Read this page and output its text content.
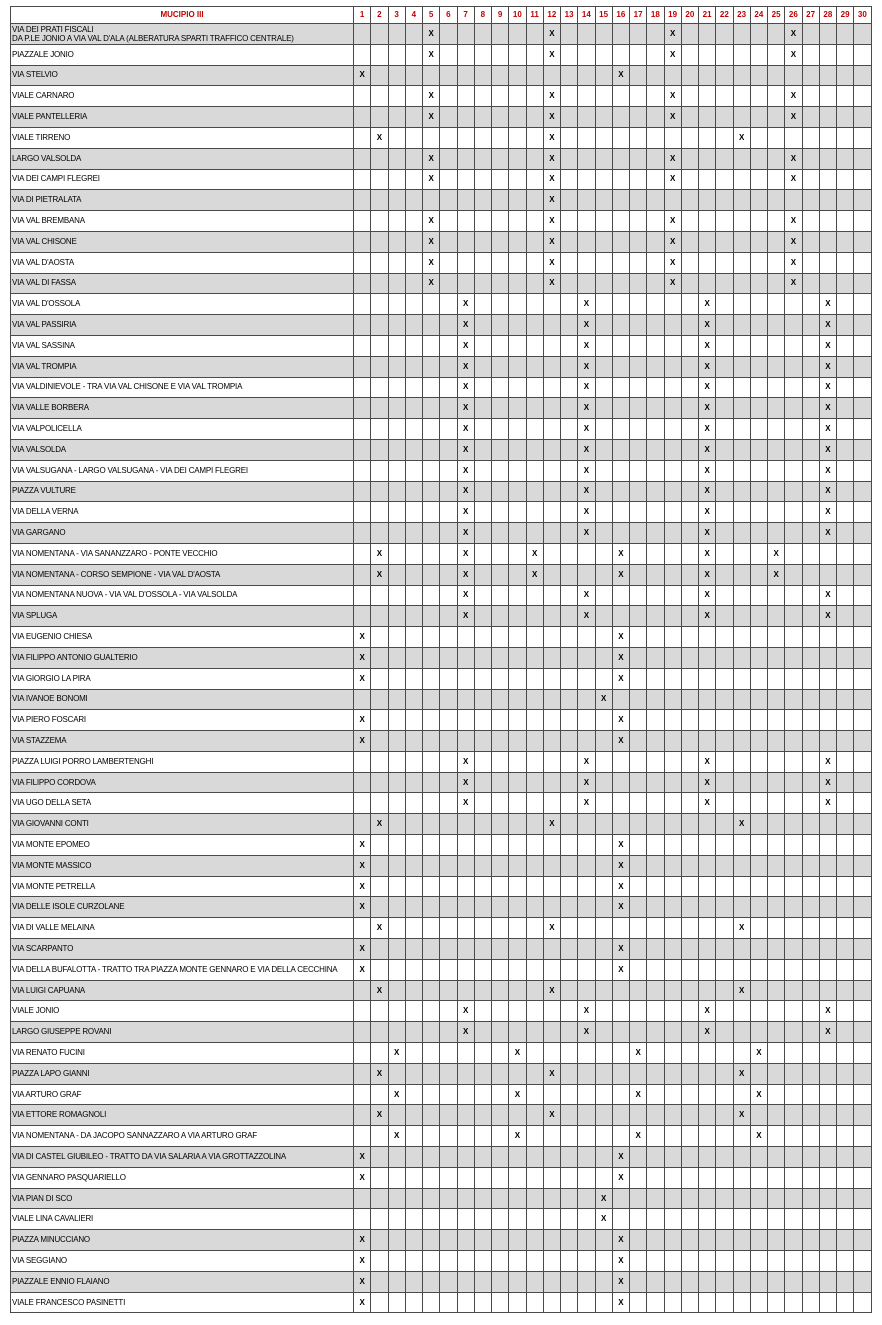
MUCIPIO III	1	2	3	4	5	6	7	8	9	10	11	12	13	14	15	16	17	18	19	20	21	22	23	24	25	26	27	28	29	30
VIA DEI PRATI FISCALI
DA P.LE JONIO A VIA VAL D'ALA (ALBERATURA SPARTI TRAFFICO CENTRALE)					X							X							X							X				
PIAZZALE JONIO					X							X							X							X				
VIA STELVIO	X															X														
VIALE CARNARO					X							X							X							X				
VIALE PANTELLERIA					X							X							X							X				
VIALE TIRRENO		X										X											X							
LARGO VALSOLDA					X							X							X							X				
VIA DEI CAMPI FLEGREI					X							X							X							X				
VIA DI PIETRALATA												X																		
VIA VAL BREMBANA					X							X							X							X				
VIA VAL CHISONE					X							X							X							X				
VIA VAL D'AOSTA					X							X							X							X				
VIA VAL DI FASSA					X							X							X							X				
VIA VAL D'OSSOLA							X							X							X							X		
VIA VAL PASSIRIA							X							X							X							X		
VIA VAL SASSINA							X							X							X							X		
VIA VAL TROMPIA							X							X							X							X		
VIA VALDINIEVOLE - TRA VIA VAL CHISONE E VIA VAL TROMPIA							X							X							X							X		
VIA VALLE BORBERA							X							X							X							X		
VIA VALPOLICELLA							X							X							X							X		
VIA VALSOLDA							X							X							X							X		
VIA VALSUGANA - LARGO VALSUGANA - VIA DEI CAMPI FLEGREI							X							X							X							X		
PIAZZA VULTURE							X							X							X							X		
VIA DELLA VERNA							X							X							X							X		
VIA GARGANO							X							X							X							X		
VIA NOMENTANA - VIA SANANZZARO - PONTE VECCHIO		X					X				X					X					X				X					
VIA NOMENTANA - CORSO SEMPIONE - VIA VAL D'AOSTA		X					X				X					X					X				X					
VIA NOMENTANA NUOVA - VIA VAL D'OSSOLA - VIA VALSOLDA							X							X							X							X		
VIA SPLUGA							X							X							X							X		
VIA EUGENIO CHIESA	X															X														
VIA FILIPPO ANTONIO GUALTERIO	X															X														
VIA GIORGIO LA PIRA	X															X														
VIA IVANOE BONOMI															X															
VIA PIERO FOSCARI	X															X														
VIA STAZZEMA	X															X														
PIAZZA LUIGI PORRO LAMBERTENGHI							X							X							X							X		
VIA FILIPPO CORDOVA							X							X							X							X		
VIA UGO DELLA SETA							X							X							X							X		
VIA GIOVANNI CONTI		X										X											X							
VIA MONTE EPOMEO	X															X														
VIA MONTE MASSICO	X															X														
VIA MONTE PETRELLA	X															X														
VIA DELLE ISOLE CURZOLANE	X															X														
VIA DI VALLE MELAINA		X										X											X							
VIA SCARPANTO	X															X														
VIA DELLA BUFALOTTA - TRATTO TRA PIAZZA MONTE GENNARO E VIA DELLA CECCHINA	X															X														
VIA LUIGI CAPUANA		X										X											X							
VIALE JONIO							X							X							X							X		
LARGO GIUSEPPE ROVANI							X							X							X							X		
VIA RENATO FUCINI			X							X							X							X						
PIAZZA LAPO GIANNI		X										X											X							
VIA ARTURO GRAF			X							X							X							X						
VIA ETTORE ROMAGNOLI		X										X											X							
VIA NOMENTANA - DA JACOPO SANNAZZARO A VIA ARTURO GRAF			X							X							X							X						
VIA DI CASTEL GIUBILEO - TRATTO DA VIA SALARIA A VIA GROTTAZZOLINA	X															X														
VIA GENNARO PASQUARIELLO	X															X														
VIA PIAN DI SCO															X															
VIALE LINA CAVALIERI															X															
PIAZZA MINUCCIANO	X															X														
VIA SEGGIANO	X															X														
PIAZZALE ENNIO FLAIANO	X															X														
VIALE FRANCESCO PASINETTI	X															X														
